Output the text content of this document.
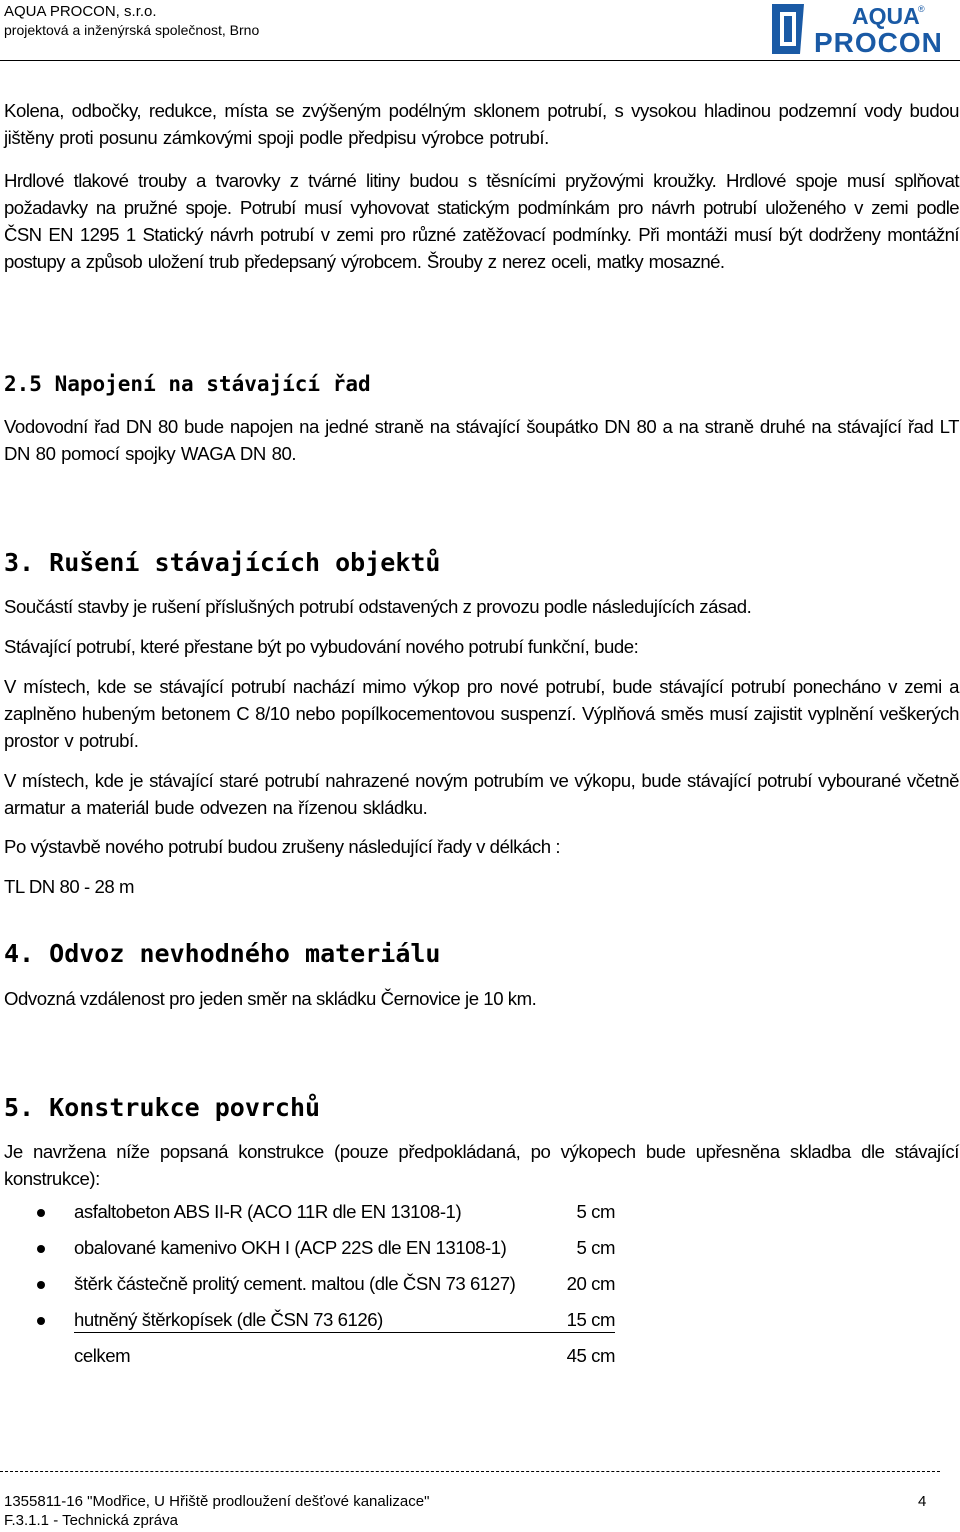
AQUA PROCON, s.r.o.
projektová a inženýrská společnost, Brno
AQUA
®
PROCON
Kolena, odbočky, redukce, místa se zvýšeným podélným sklonem potrubí, s vysokou hladinou podzemní vody budou jištěny proti posunu zámkovými spoji podle předpisu výrobce potrubí.
Hrdlové tlakové trouby a tvarovky z tvárné litiny budou s těsnícími pryžovými kroužky. Hrdlové spoje musí splňovat požadavky na pružné spoje. Potrubí musí vyhovovat statickým podmínkám pro návrh potrubí uloženého v zemi podle ČSN EN 1295 1 Statický návrh potrubí v zemi pro různé zatěžovací podmínky. Při montáži musí být dodrženy montážní postupy a způsob uložení trub předepsaný výrobcem. Šrouby z nerez oceli, matky mosazné.
2.5 Napojení na stávající řad
Vodovodní řad DN 80 bude napojen na jedné straně na stávající šoupátko DN 80 a na straně druhé na stávající řad LT DN 80 pomocí spojky WAGA DN 80.
3. Rušení stávajících objektů
Součástí stavby je rušení příslušných potrubí odstavených z provozu podle následujících zásad.
Stávající potrubí, které přestane být po vybudování nového potrubí funkční, bude:
V místech, kde se stávající potrubí nachází mimo výkop pro nové potrubí, bude stávající potrubí ponecháno v zemi a zaplněno hubeným betonem C 8/10 nebo popílkocementovou suspenzí. Výplňová směs musí zajistit vyplnění veškerých prostor v potrubí.
V místech, kde je stávající staré potrubí nahrazené novým potrubím ve výkopu, bude stávající potrubí vybourané včetně armatur a materiál bude odvezen na řízenou skládku.
Po výstavbě nového potrubí budou zrušeny následující řady v délkách :
TL DN 80 - 28 m
4. Odvoz nevhodného materiálu
Odvozná vzdálenost pro jeden směr na skládku Černovice je 10 km.
5. Konstrukce povrchů
Je navržena níže popsaná konstrukce (pouze předpokládaná, po výkopech bude upřesněna skladba dle stávající konstrukce):
asfaltobeton ABS II-R (ACO 11R dle EN 13108-1)	5 cm
obalované kamenivo OKH I (ACP 22S dle EN 13108-1)	5 cm
štěrk částečně prolitý cement. maltou (dle ČSN 73 6127)	20 cm
hutněný štěrkopísek (dle ČSN 73 6126)	15 cm
celkem	45 cm
1355811-16 "Modřice, U Hřiště prodloužení dešťové kanalizace"
F.3.1.1 - Technická zpráva
4
